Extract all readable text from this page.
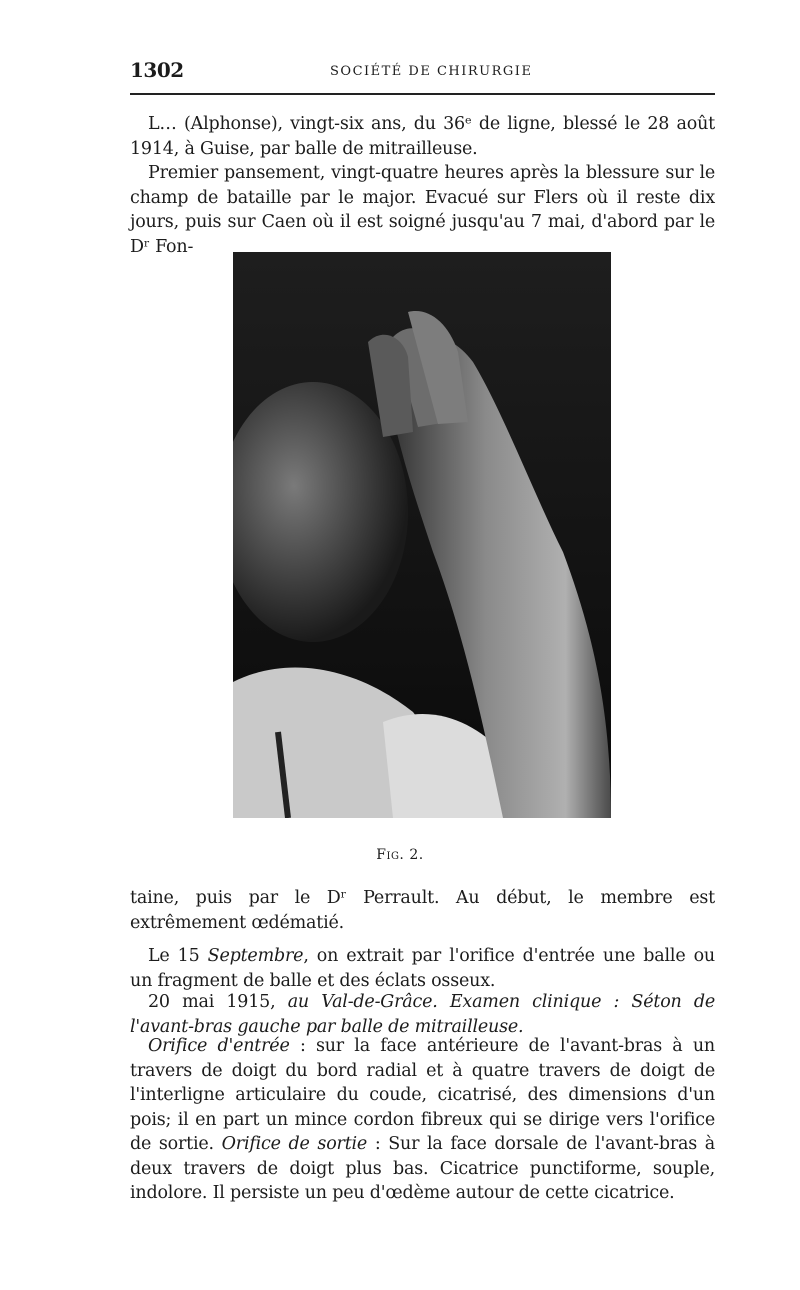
1302	SOCIÉTÉ DE CHIRURGIE

L… (Alphonse), vingt-six ans, du 36ᵉ de ligne, blessé le 28 août 1914, à Guise, par balle de mitrailleuse.

Premier pansement, vingt-quatre heures après la blessure sur le champ de bataille par le major. Evacué sur Flers où il reste dix jours, puis sur Caen où il est soigné jusqu'au 7 mai, d'abord par le Dʳ Fon-

Fig. 2.

taine, puis par le Dʳ Perrault. Au début, le membre est extrêmement œdématié.

Le 15 Septembre, on extrait par l'orifice d'entrée une balle ou un fragment de balle et des éclats osseux.

20 mai 1915, au Val-de-Grâce. Examen clinique : Séton de l'avant-bras gauche par balle de mitrailleuse.

Orifice d'entrée : sur la face antérieure de l'avant-bras à un travers de doigt du bord radial et à quatre travers de doigt de l'interligne articulaire du coude, cicatrisé, des dimensions d'un pois; il en part un mince cordon fibreux qui se dirige vers l'orifice de sortie. Orifice de sortie : Sur la face dorsale de l'avant-bras à deux travers de doigt plus bas. Cicatrice punctiforme, souple, indolore. Il persiste un peu d'œdème autour de cette cicatrice.
